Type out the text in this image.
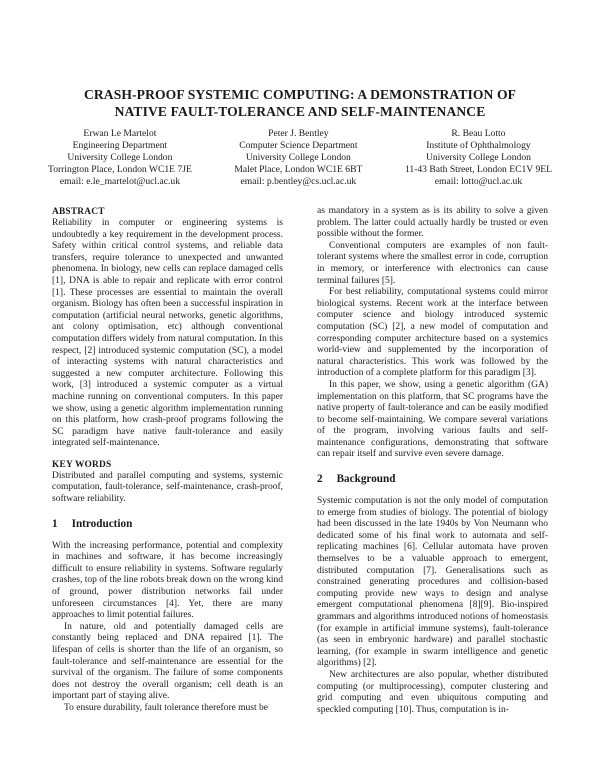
CRASH-PROOF SYSTEMIC COMPUTING: A DEMONSTRATION OF
NATIVE FAULT-TOLERANCE AND SELF-MAINTENANCE
Erwan Le Martelot
Engineering Department
University College London
Torrington Place, London WC1E 7JE
email: e.le_martelot@ucl.ac.uk
Peter J. Bentley
Computer Science Department
University College London
Malet Place, London WC1E 6BT
email: p.bentley@cs.ucl.ac.uk
R. Beau Lotto
Institute of Ophthalmology
University College London
11-43 Bath Street, London EC1V 9EL
email: lotto@ucl.ac.uk
ABSTRACT

Reliability in computer or engineering systems is undoubtedly a key requirement in the development process. Safety within critical control systems, and reliable data transfers, require tolerance to unexpected and unwanted phenomena. In biology, new cells can replace damaged cells [1], DNA is able to repair and replicate with error control [1]. These processes are essential to maintain the overall organism. Biology has often been a successful inspiration in computation (artificial neural networks, genetic algorithms, ant colony optimisation, etc) although conventional computation differs widely from natural computation. In this respect, [2] introduced systemic computation (SC), a model of interacting systems with natural characteristics and suggested a new computer architecture. Following this work, [3] introduced a systemic computer as a virtual machine running on conventional computers. In this paper we show, using a genetic algorithm implementation running on this platform, how crash-proof programs following the SC paradigm have native fault-tolerance and easily integrated self-maintenance.

KEY WORDS

Distributed and parallel computing and systems, systemic computation, fault-tolerance, self-maintenance, crash-proof, software reliability.

1 Introduction

With the increasing performance, potential and complexity in machines and software, it has become increasingly difficult to ensure reliability in systems. Software regularly crashes, top of the line robots break down on the wrong kind of ground, power distribution networks fail under unforeseen circumstances [4]. Yet, there are many approaches to limit potential failures.

In nature, old and potentially damaged cells are constantly being replaced and DNA repaired [1]. The lifespan of cells is shorter than the life of an organism, so fault-tolerance and self-maintenance are essential for the survival of the organism. The failure of some components does not destroy the overall organism; cell death is an important part of staying alive.

To ensure durability, fault tolerance therefore must be

as mandatory in a system as is its ability to solve a given problem. The latter could actually hardly be trusted or even possible without the former.

Conventional computers are examples of non fault-tolerant systems where the smallest error in code, corruption in memory, or interference with electronics can cause terminal failures [5].

For best reliability, computational systems could mirror biological systems. Recent work at the interface between computer science and biology introduced systemic computation (SC) [2], a new model of computation and corresponding computer architecture based on a systemics world-view and supplemented by the incorporation of natural characteristics. This work was followed by the introduction of a complete platform for this paradigm [3].

In this paper, we show, using a genetic algorithm (GA) implementation on this platform, that SC programs have the native property of fault-tolerance and can be easily modified to become self-maintaining. We compare several variations of the program, involving various faults and self-maintenance configurations, demonstrating that software can repair itself and survive even severe damage.

2 Background

Systemic computation is not the only model of computation to emerge from studies of biology. The potential of biology had been discussed in the late 1940s by Von Neumann who dedicated some of his final work to automata and self-replicating machines [6]. Cellular automata have proven themselves to be a valuable approach to emergent, distributed computation [7]. Generalisations such as constrained generating procedures and collision-based computing provide new ways to design and analyse emergent computational phenomena [8][9]. Bio-inspired grammars and algorithms introduced notions of homeostasis (for example in artificial immune systems), fault-tolerance (as seen in embryonic hardware) and parallel stochastic learning, (for example in swarm intelligence and genetic algorithms) [2].

New architectures are also popular, whether distributed computing (or multiprocessing), computer clustering and grid computing and even ubiquitous computing and speckled computing [10]. Thus, computation is in-
